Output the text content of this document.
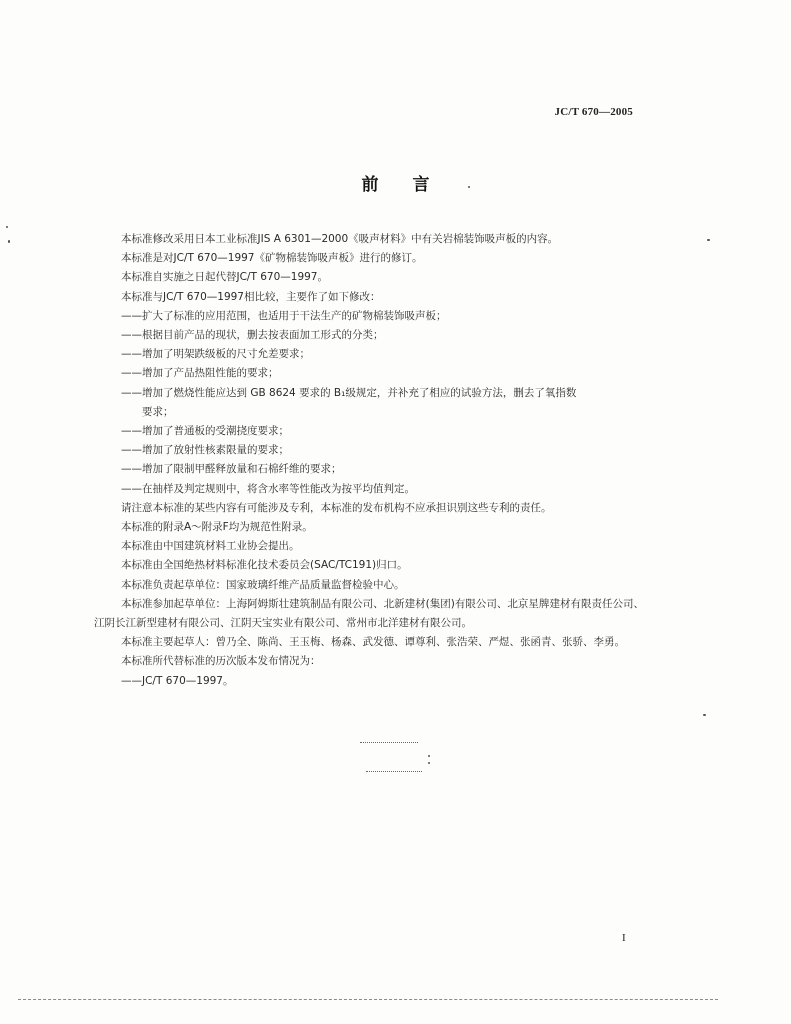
JC/T 670—2005
前言

本标准修改采用日本工业标准JIS A 6301—2000《吸声材料》中有关岩棉装饰吸声板的内容。

本标准是对JC/T 670—1997《矿物棉装饰吸声板》进行的修订。

本标准自实施之日起代替JC/T 670—1997。

本标准与JC/T 670—1997相比较，主要作了如下修改：

——扩大了标准的应用范围，也适用于干法生产的矿物棉装饰吸声板；

——根据目前产品的现状，删去按表面加工形式的分类；

——增加了明架跌级板的尺寸允差要求；

——增加了产品热阻性能的要求；

——增加了燃烧性能应达到 GB 8624 要求的 B₁级规定，并补充了相应的试验方法，删去了氧指数

要求；

——增加了普通板的受潮挠度要求；

——增加了放射性核素限量的要求；

——增加了限制甲醛释放量和石棉纤维的要求；

——在抽样及判定规则中，将含水率等性能改为按平均值判定。

请注意本标准的某些内容有可能涉及专利，本标准的发布机构不应承担识别这些专利的责任。

本标准的附录A～附录F均为规范性附录。

本标准由中国建筑材料工业协会提出。

本标准由全国绝热材料标准化技术委员会(SAC/TC191)归口。

本标准负责起草单位：国家玻璃纤维产品质量监督检验中心。

本标准参加起草单位：上海阿姆斯壮建筑制品有限公司、北新建材(集团)有限公司、北京星牌建材有限责任公司、江阴长江新型建材有限公司、江阴天宝实业有限公司、常州市北洋建材有限公司。

本标准主要起草人：曾乃全、陈尚、王玉梅、杨森、武发德、谭尊利、张浩荣、严煜、张函青、张骄、李勇。

本标准所代替标准的历次版本发布情况为：

——JC/T 670—1997。

I
